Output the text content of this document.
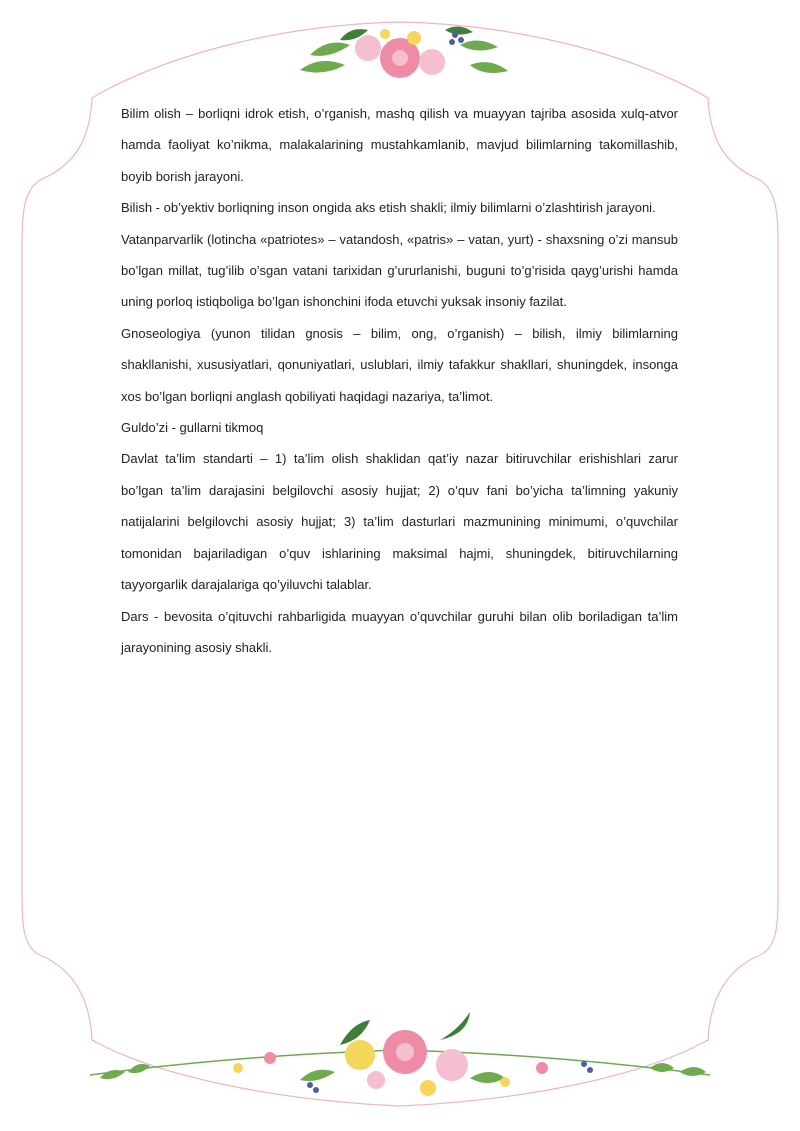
Bilim olish – borliqni idrok etish, o’rganish, mashq qilish va muayyan tajriba asosida xulq-atvor hamda faoliyat ko’nikma, malakalarining mustahkamlanib, mavjud bilimlarning takomillashib, boyib borish jarayoni.

Bilish - ob’yektiv borliqning inson ongida aks etish shakli; ilmiy bilimlarni o’zlashtirish jarayoni.

Vatanparvarlik (lotincha «patriotes» – vatandosh, «patris» – vatan, yurt) - shaxsning o’zi mansub bo’lgan millat, tug’ilib o’sgan vatani tarixidan g’ururlanishi, buguni to’g’risida qayg’urishi hamda uning porloq istiqboliga bo’lgan ishonchini ifoda etuvchi yuksak insoniy fazilat.

Gnoseologiya (yunon tilidan gnosis – bilim, ong, o’rganish) – bilish, ilmiy bilimlarning shakllanishi, xususiyatlari, qonuniyatlari, uslublari, ilmiy tafakkur shakllari, shuningdek, insonga xos bo’lgan borliqni anglash qobiliyati haqidagi nazariya, ta’limot.

Guldo’zi - gullarni tikmoq

Davlat ta’lim standarti – 1) ta’lim olish shaklidan qat’iy nazar bitiruvchilar erishishlari zarur bo’lgan ta’lim darajasini belgilovchi asosiy hujjat; 2) o’quv fani bo’yicha ta’limning yakuniy natijalarini belgilovchi asosiy hujjat; 3) ta’lim dasturlari mazmunining minimumi, o’quvchilar tomonidan bajariladigan o’quv ishlarining maksimal hajmi, shuningdek, bitiruvchilarning tayyorgarlik darajalariga qo’yiluvchi talablar.

Dars - bevosita o’qituvchi rahbarligida muayyan o’quvchilar guruhi bilan olib boriladigan ta’lim jarayonining asosiy shakli.
